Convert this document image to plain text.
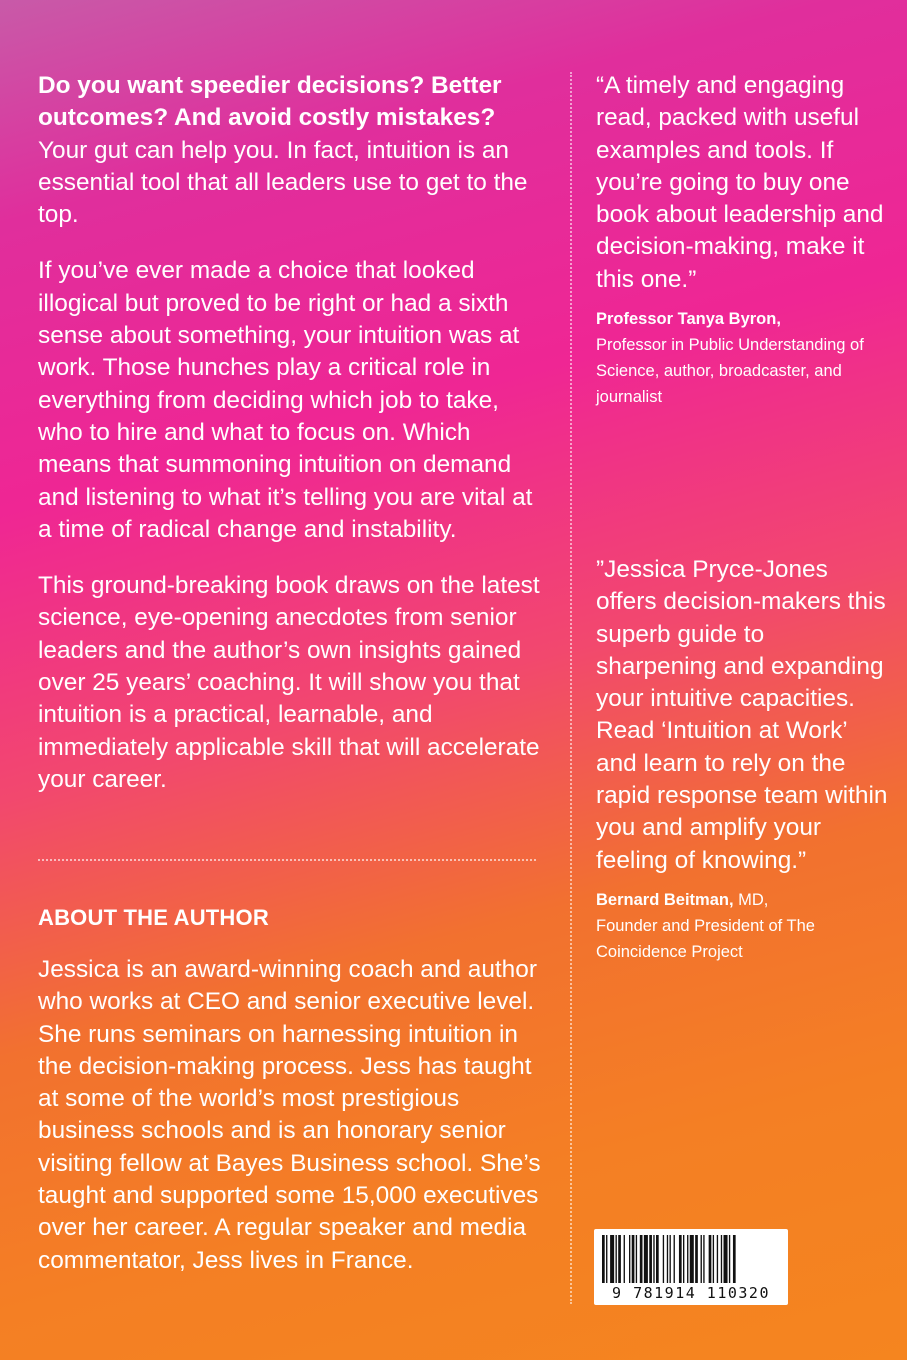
Do you want speedier decisions? Better outcomes? And avoid costly mistakes? Your gut can help you. In fact, intuition is an essential tool that all leaders use to get to the top.

If you’ve ever made a choice that looked illogical but proved to be right or had a sixth sense about something, your intuition was at work. Those hunches play a critical role in everything from deciding which job to take, who to hire and what to focus on. Which means that summoning intuition on demand and listening to what it’s telling you are vital at a time of radical change and instability.

This ground-breaking book draws on the latest science, eye-opening anecdotes from senior leaders and the author’s own insights gained over 25 years’ coaching. It will show you that intuition is a practical, learnable, and immediately applicable skill that will accelerate your career.

ABOUT THE AUTHOR

Jessica is an award-winning coach and author who works at CEO and senior executive level. She runs seminars on harnessing intuition in the decision-making process. Jess has taught at some of the world’s most prestigious business schools and is an honorary senior visiting fellow at Bayes Business school. She’s taught and supported some 15,000 executives over her career. A regular speaker and media commentator, Jess lives in France.

“A timely and engaging read, packed with useful examples and tools. If you’re going to buy one book about leadership and decision-making, make it this one.”

Professor Tanya Byron,
Professor in Public Understanding of Science, author, broadcaster, and journalist

”Jessica Pryce-Jones offers decision-makers this superb guide to sharpening and expanding your intuitive capacities. Read ‘Intuition at Work’ and learn to rely on the rapid response team within you and amplify your feeling of knowing.”

Bernard Beitman, MD,
Founder and President of The Coincidence Project

9 781914 110320
